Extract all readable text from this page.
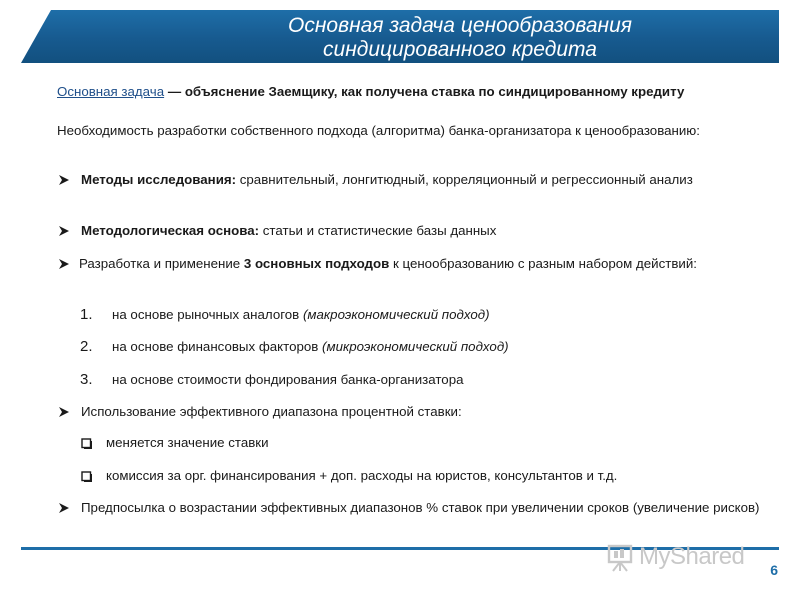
Основная задача ценообразования
синдицированного кредита
Основная задача — объяснение Заемщику, как получена ставка по синдицированному кредиту
Необходимость разработки собственного подхода (алгоритма) банка-организатора к ценообразованию:
Методы исследования: сравнительный, лонгитюдный, корреляционный и регрессионный анализ
Методологическая основа: статьи и статистические базы данных
Разработка и применение 3 основных подходов к ценообразованию с разным набором действий:
1.	на основе рыночных аналогов
(макроэкономический подход)
2.	на основе финансовых факторов
(микроэкономический подход)
3.	на основе стоимости фондирования банка-организатора
Использование эффективного диапазона процентной ставки:
меняется значение ставки
комиссия за орг. финансирования + доп. расходы на юристов, консультантов и т.д.
Предпосылка о возрастании эффективных диапазонов % ставок при увеличении сроков (увеличение рисков)
MyShared 6
